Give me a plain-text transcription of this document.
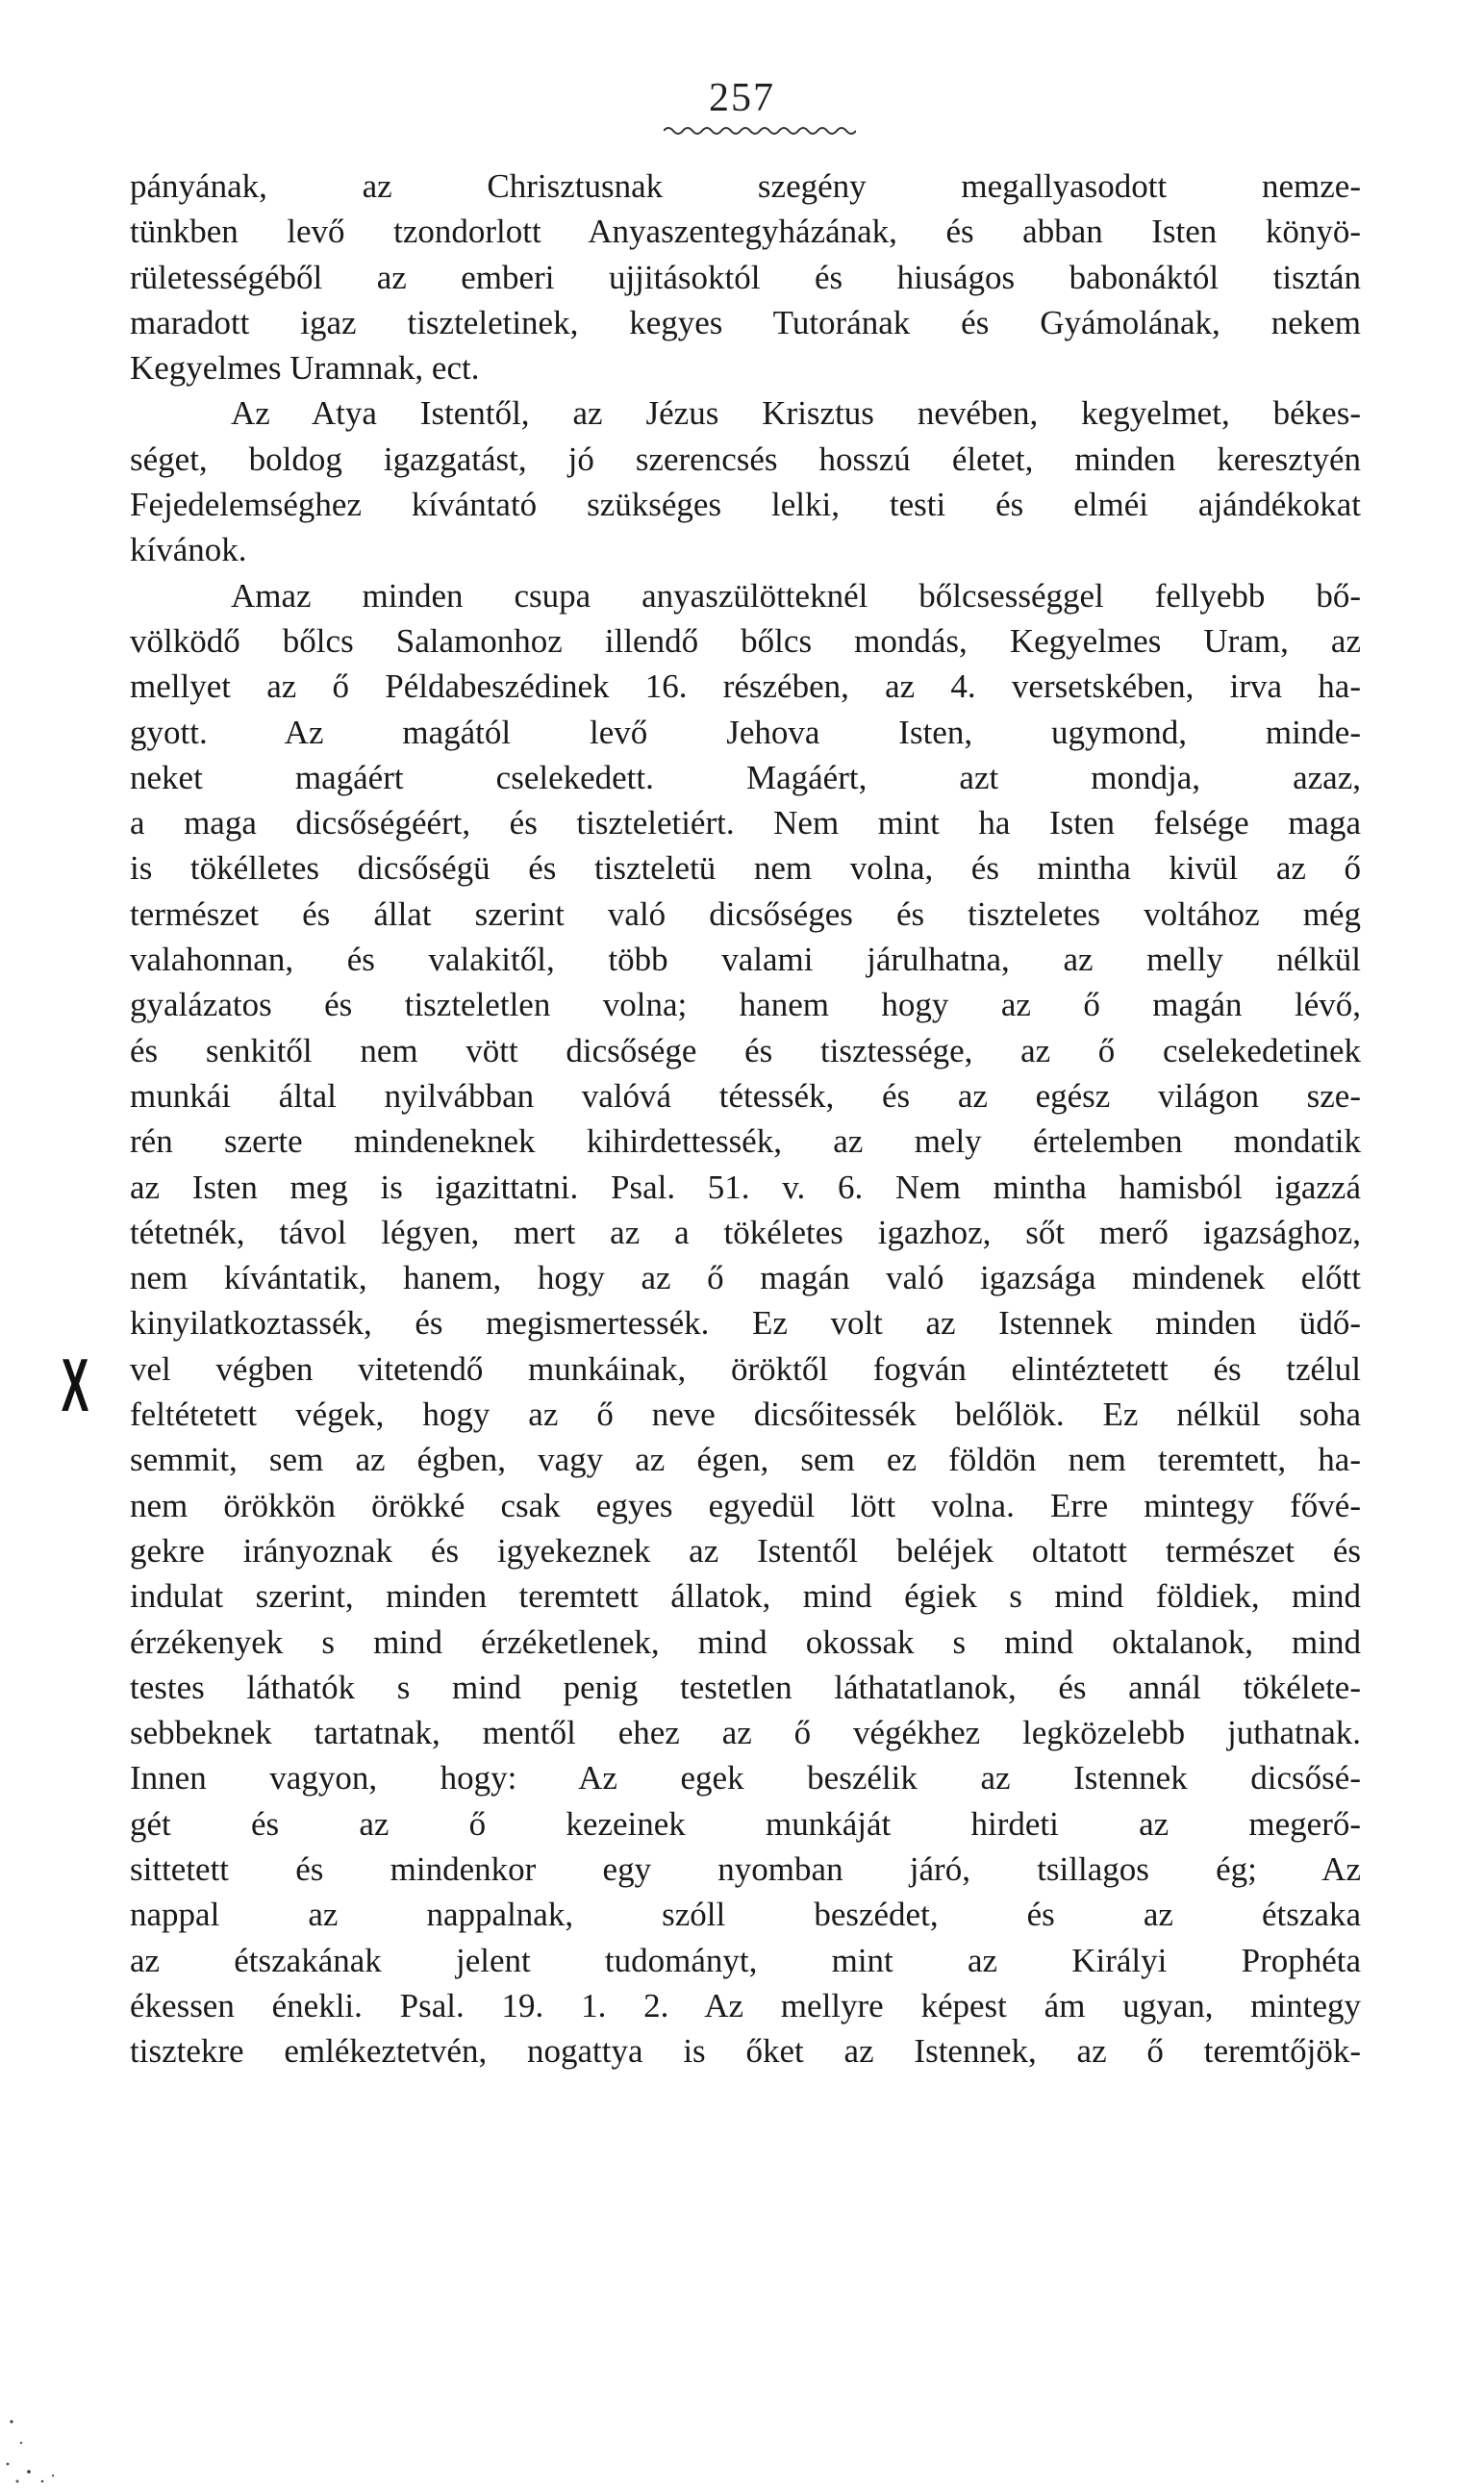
257
pányának, az Chrisztusnak szegény megallyasodott nemze-
tünkben levő tzondorlott Anyaszentegyházának, és abban Isten könyö-
rületességéből az emberi ujjitásoktól és hiuságos babonáktól tisztán
maradott igaz tiszteletinek, kegyes Tutorának és Gyámolának, nekem
Kegyelmes Uramnak, ect.
Az Atya Istentől, az Jézus Krisztus nevében, kegyelmet, békes-
séget, boldog igazgatást, jó szerencsés hosszú életet, minden keresztyén
Fejedelemséghez kívántató szükséges lelki, testi és elméi ajándékokat
kívánok.
Amaz minden csupa anyaszülötteknél bőlcsességgel fellyebb bő-
völködő bőlcs Salamonhoz illendő bőlcs mondás, Kegyelmes Uram, az
mellyet az ő Példabeszédinek 16. részében, az 4. versetskében, irva ha-
gyott. Az magától levő Jehova Isten, ugymond, minde-
neket magáért cselekedett. Magáért, azt mondja, azaz,
a maga dicsőségéért, és tiszteletiért. Nem mint ha Isten felsége maga
is tökélletes dicsőségü és tiszteletü nem volna, és mintha kivül az ő
természet és állat szerint való dicsőséges és tiszteletes voltához még
valahonnan, és valakitől, több valami járulhatna, az melly nélkül
gyalázatos és tiszteletlen volna; hanem hogy az ő magán lévő,
és senkitől nem vött dicsősége és tisztessége, az ő cselekedetinek
munkái által nyilvábban valóvá tétessék, és az egész világon sze-
rén szerte mindeneknek kihirdettessék, az mely értelemben mondatik
az Isten meg is igazittatni. Psal. 51. v. 6. Nem mintha hamisból igazzá
tétetnék, távol légyen, mert az a tökéletes igazhoz, sőt merő igazsághoz,
nem kívántatik, hanem, hogy az ő magán való igazsága mindenek előtt
kinyilatkoztassék, és megismertessék. Ez volt az Istennek minden üdő-
vel végben vitetendő munkáinak, öröktől fogván elintéztetett és tzélul
feltétetett végek, hogy az ő neve dicsőitessék belőlök. Ez nélkül soha
semmit, sem az égben, vagy az égen, sem ez földön nem teremtett, ha-
nem örökkön örökké csak egyes egyedül lött volna. Erre mintegy fővé-
gekre irányoznak és igyekeznek az Istentől beléjek oltatott természet és
indulat szerint, minden teremtett állatok, mind égiek s mind földiek, mind
érzékenyek s mind érzéketlenek, mind okossak s mind oktalanok, mind
testes láthatók s mind penig testetlen láthatatlanok, és annál tökélete-
sebbeknek tartatnak, mentől ehez az ő végékhez legközelebb juthatnak.
Innen vagyon, hogy: Az egek beszélik az Istennek dicsősé-
gét és az ő kezeinek munkáját hirdeti az megerő-
sittetett és mindenkor egy nyomban járó, tsillagos ég; Az
nappal az nappalnak, szóll beszédet, és az étszaka
az étszakának jelent tudományt, mint az Királyi Prophéta
ékessen énekli. Psal. 19. 1. 2. Az mellyre képest ám ugyan, mintegy
tisztekre emlékeztetvén, nogattya is őket az Istennek, az ő teremtőjök-
X
